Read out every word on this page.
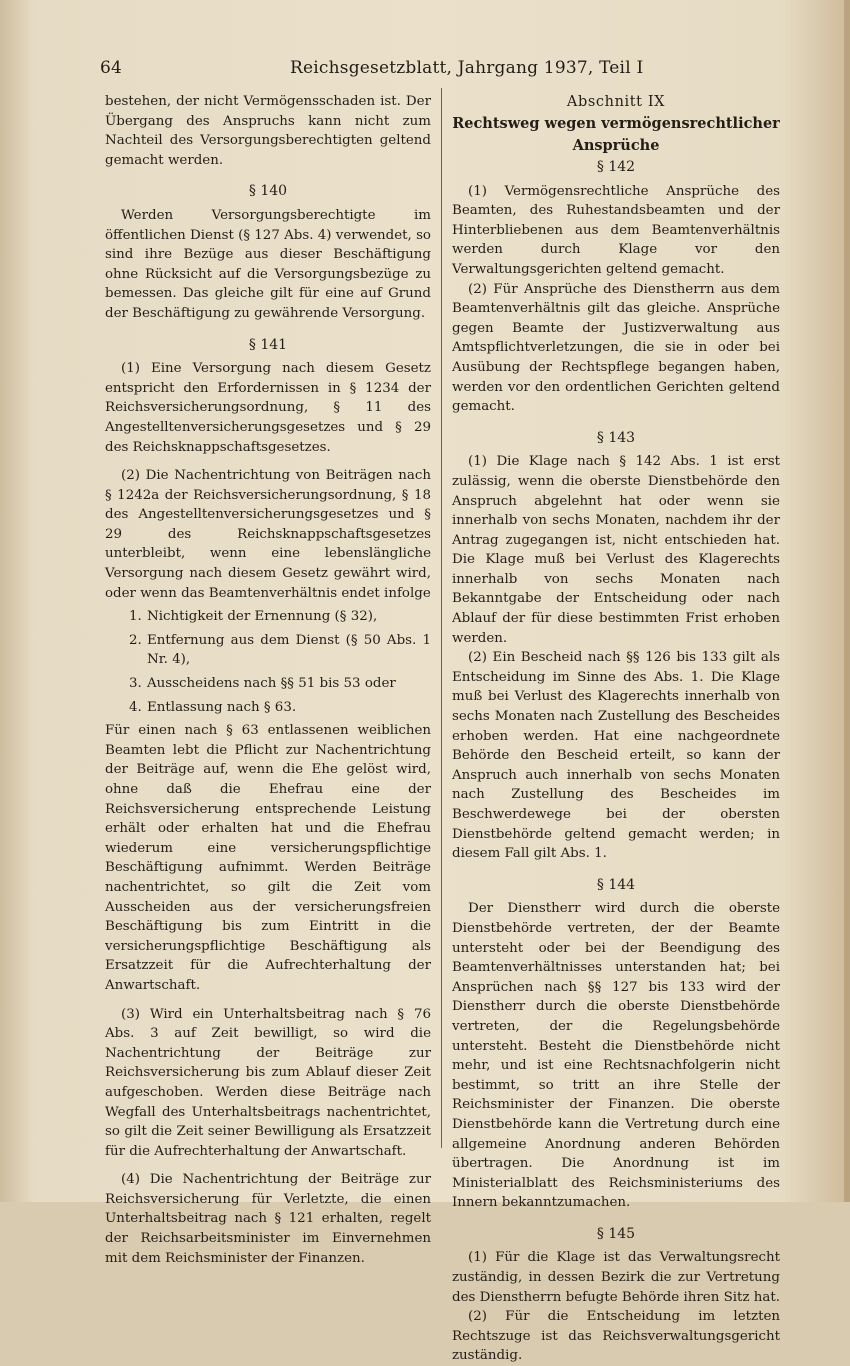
64	Reichsgesetzblatt, Jahrgang 1937, Teil I

bestehen, der nicht Vermögensschaden ist. Der Übergang des Anspruchs kann nicht zum Nachteil des Versorgungsberechtigten geltend gemacht werden.

§ 140

Werden Versorgungsberechtigte im öffentlichen Dienst (§ 127 Abs. 4) verwendet, so sind ihre Bezüge aus dieser Beschäftigung ohne Rücksicht auf die Versorgungsbezüge zu bemessen. Das gleiche gilt für eine auf Grund der Beschäftigung zu gewährende Versorgung.

§ 141

(1) Eine Versorgung nach diesem Gesetz entspricht den Erfordernissen in § 1234 der Reichsversicherungsordnung, § 11 des Angestelltenversicherungsgesetzes und § 29 des Reichsknappschaftsgesetzes.

(2) Die Nachentrichtung von Beiträgen nach § 1242a der Reichsversicherungsordnung, § 18 des Angestelltenversicherungsgesetzes und § 29 des Reichsknappschaftsgesetzes unterbleibt, wenn eine lebenslängliche Versorgung nach diesem Gesetz gewährt wird, oder wenn das Beamtenverhältnis endet infolge

1. Nichtigkeit der Ernennung (§ 32),
2. Entfernung aus dem Dienst (§ 50 Abs. 1 Nr. 4),
3. Ausscheidens nach §§ 51 bis 53 oder
4. Entlassung nach § 63.

Für einen nach § 63 entlassenen weiblichen Beamten lebt die Pflicht zur Nachentrichtung der Beiträge auf, wenn die Ehe gelöst wird, ohne daß die Ehefrau eine der Reichsversicherung entsprechende Leistung erhält oder erhalten hat und die Ehefrau wiederum eine versicherungspflichtige Beschäftigung aufnimmt. Werden Beiträge nachentrichtet, so gilt die Zeit vom Ausscheiden aus der versicherungsfreien Beschäftigung bis zum Eintritt in die versicherungspflichtige Beschäftigung als Ersatzzeit für die Aufrechterhaltung der Anwartschaft.

(3) Wird ein Unterhaltsbeitrag nach § 76 Abs. 3 auf Zeit bewilligt, so wird die Nachentrichtung der Beiträge zur Reichsversicherung bis zum Ablauf dieser Zeit aufgeschoben. Werden diese Beiträge nach Wegfall des Unterhaltsbeitrags nachentrichtet, so gilt die Zeit seiner Bewilligung als Ersatzzeit für die Aufrechterhaltung der Anwartschaft.

(4) Die Nachentrichtung der Beiträge zur Reichsversicherung für Verletzte, die einen Unterhaltsbeitrag nach § 121 erhalten, regelt der Reichsarbeitsminister im Einvernehmen mit dem Reichsminister der Finanzen.

Abschnitt IX
Rechtsweg wegen vermögensrechtlicher
Ansprüche
§ 142

(1) Vermögensrechtliche Ansprüche des Beamten, des Ruhestandsbeamten und der Hinterbliebenen aus dem Beamtenverhältnis werden durch Klage vor den Verwaltungsgerichten geltend gemacht.

(2) Für Ansprüche des Dienstherrn aus dem Beamtenverhältnis gilt das gleiche. Ansprüche gegen Beamte der Justizverwaltung aus Amtspflichtverletzungen, die sie in oder bei Ausübung der Rechtspflege begangen haben, werden vor den ordentlichen Gerichten geltend gemacht.

§ 143

(1) Die Klage nach § 142 Abs. 1 ist erst zulässig, wenn die oberste Dienstbehörde den Anspruch abgelehnt hat oder wenn sie innerhalb von sechs Monaten, nachdem ihr der Antrag zugegangen ist, nicht entschieden hat. Die Klage muß bei Verlust des Klagerechts innerhalb von sechs Monaten nach Bekanntgabe der Entscheidung oder nach Ablauf der für diese bestimmten Frist erhoben werden.

(2) Ein Bescheid nach §§ 126 bis 133 gilt als Entscheidung im Sinne des Abs. 1. Die Klage muß bei Verlust des Klagerechts innerhalb von sechs Monaten nach Zustellung des Bescheides erhoben werden. Hat eine nachgeordnete Behörde den Bescheid erteilt, so kann der Anspruch auch innerhalb von sechs Monaten nach Zustellung des Bescheides im Beschwerdewege bei der obersten Dienstbehörde geltend gemacht werden; in diesem Fall gilt Abs. 1.

§ 144

Der Dienstherr wird durch die oberste Dienstbehörde vertreten, der der Beamte untersteht oder bei der Beendigung des Beamtenverhältnisses unterstanden hat; bei Ansprüchen nach §§ 127 bis 133 wird der Dienstherr durch die oberste Dienstbehörde vertreten, der die Regelungsbehörde untersteht. Besteht die Dienstbehörde nicht mehr, und ist eine Rechtsnachfolgerin nicht bestimmt, so tritt an ihre Stelle der Reichsminister der Finanzen. Die oberste Dienstbehörde kann die Vertretung durch eine allgemeine Anordnung anderen Behörden übertragen. Die Anordnung ist im Ministerialblatt des Reichsministeriums des Innern bekanntzumachen.

§ 145

(1) Für die Klage ist das Verwaltungsrecht zuständig, in dessen Bezirk die zur Vertretung des Dienstherrn befugte Behörde ihren Sitz hat.

(2) Für die Entscheidung im letzten Rechtszuge ist das Reichsverwaltungsgericht zuständig.
